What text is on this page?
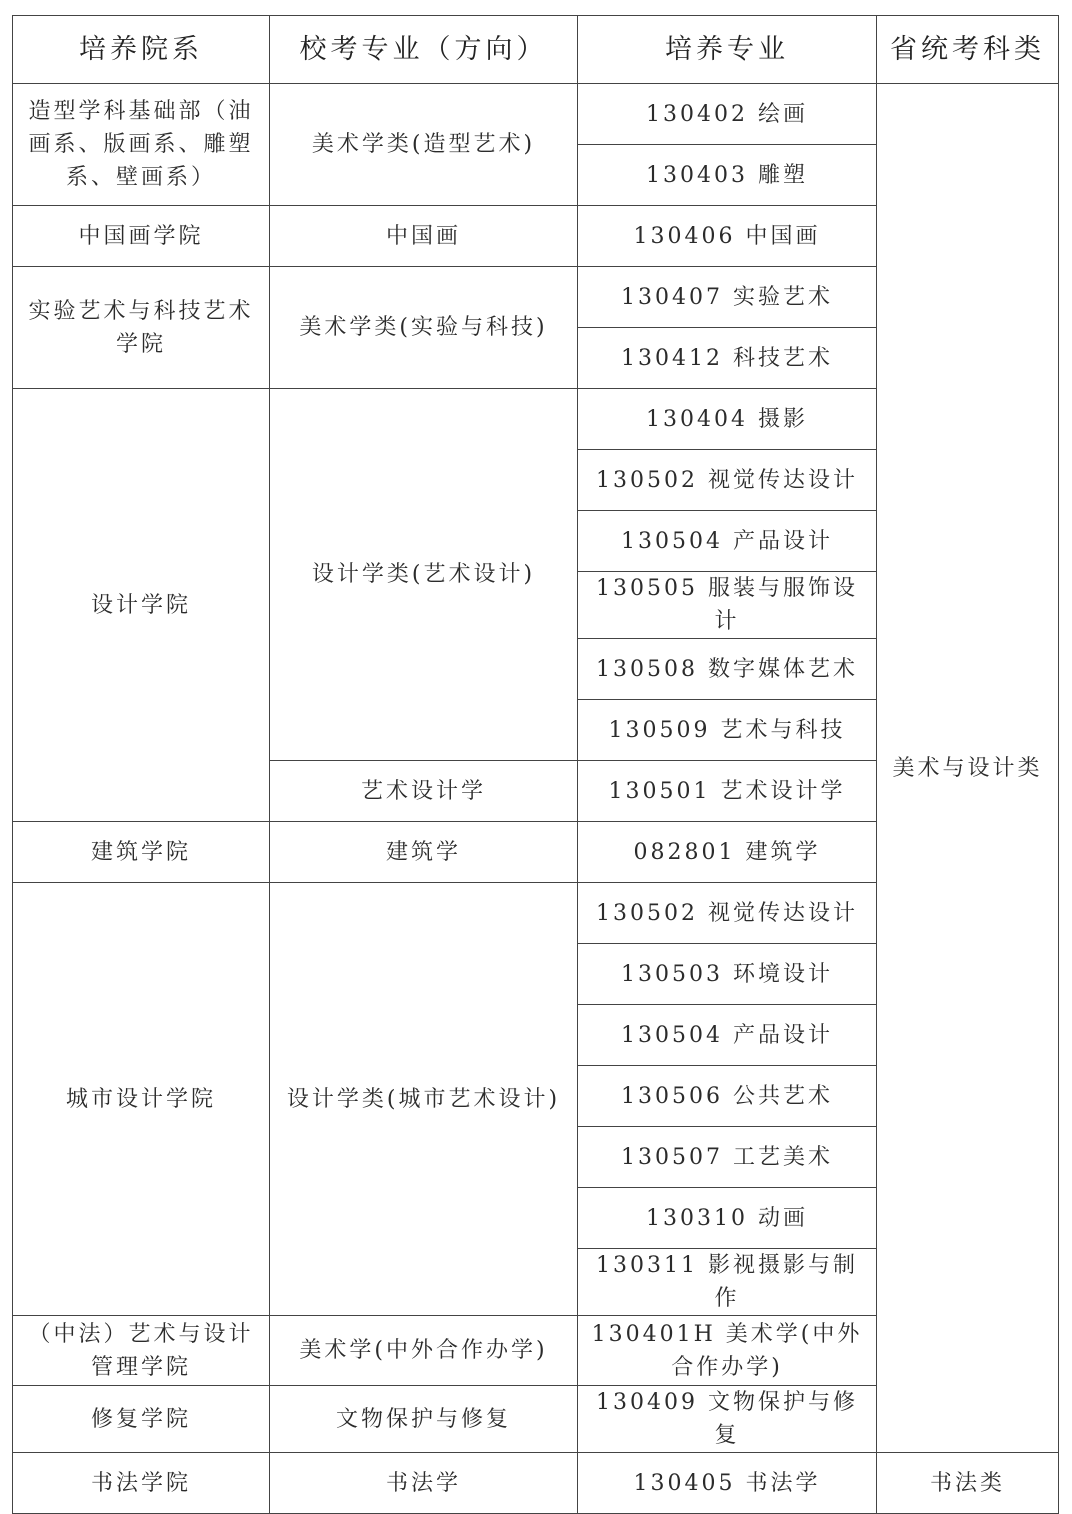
培养院系	校考专业（方向）	培养专业	省统考科类
造型学科基础部（油画系、版画系、雕塑系、壁画系）	美术学类(造型艺术)	130402 绘画	美术与设计类
		130403 雕塑	
中国画学院	中国画	130406 中国画	
实验艺术与科技艺术学院	美术学类(实验与科技)	130407 实验艺术	
		130412 科技艺术	
设计学院	设计学类(艺术设计)	130404 摄影	
		130502 视觉传达设计	
		130504 产品设计	
		130505 服装与服饰设计	
		130508 数字媒体艺术	
		130509 艺术与科技	
	艺术设计学	130501 艺术设计学	
建筑学院	建筑学	082801 建筑学	
城市设计学院	设计学类(城市艺术设计)	130502 视觉传达设计	
		130503 环境设计	
		130504 产品设计	
		130506 公共艺术	
		130507 工艺美术	
		130310 动画	
		130311 影视摄影与制作	
（中法）艺术与设计管理学院	美术学(中外合作办学)	130401H 美术学(中外合作办学)	
修复学院	文物保护与修复	130409 文物保护与修复	
书法学院	书法学	130405 书法学	书法类
